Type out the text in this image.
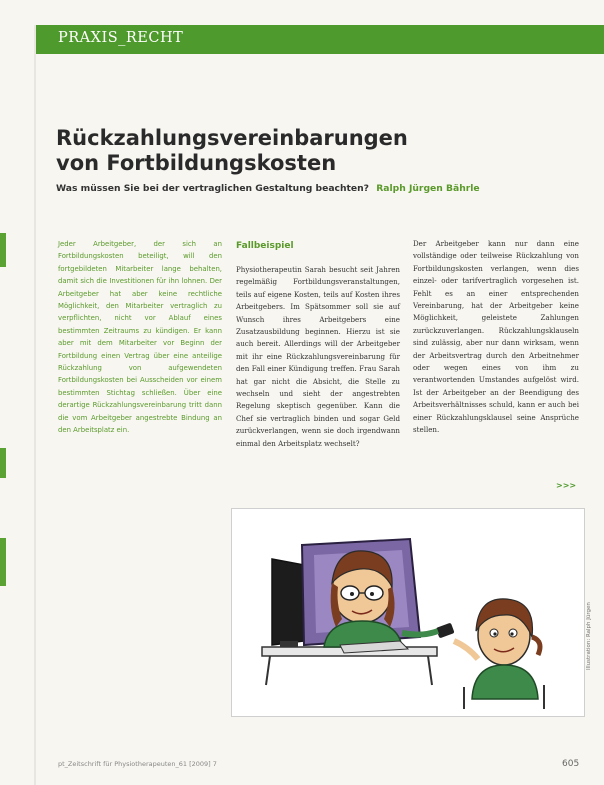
PRAXIS_RECHT
Rückzahlungsvereinbarungen
von Fortbildungskosten
Was müssen Sie bei der vertraglichen Gestaltung beachten? Ralph Jürgen Bährle
Jeder Arbeitgeber, der sich an Fortbildungskosten beteiligt, will den fortgebildeten Mitarbeiter lange behalten, damit sich die Investitionen für ihn lohnen. Der Arbeitgeber hat aber keine rechtliche Möglichkeit, den Mitarbeiter vertraglich zu verpflichten, nicht vor Ablauf eines bestimmten Zeitraums zu kündigen. Er kann aber mit dem Mitarbeiter vor Beginn der Fortbildung einen Vertrag über eine anteilige Rückzahlung von aufgewendeten Fortbildungskosten bei Ausscheiden vor einem bestimmten Stichtag schließen. Über eine derartige Rückzahlungsvereinbarung tritt dann die vom Arbeitgeber angestrebte Bindung an den Arbeitsplatz ein.
Fallbeispiel
Physiotherapeutin Sarah besucht seit Jahren regelmäßig Fortbildungsveranstaltungen, teils auf eigene Kosten, teils auf Kosten ihres Arbeitgebers. Im Spätsommer soll sie auf Wunsch ihres Arbeitgebers eine Zusatzausbildung beginnen. Hierzu ist sie auch bereit. Allerdings will der Arbeitgeber mit ihr eine Rückzahlungsvereinbarung für den Fall einer Kündigung treffen. Frau Sarah hat gar nicht die Absicht, die Stelle zu wechseln und sieht der angestrebten Regelung skeptisch gegenüber. Kann die Chef sie vertraglich binden und sogar Geld zurückverlangen, wenn sie doch irgendwann einmal den Arbeitsplatz wechselt?
Der Arbeitgeber kann nur dann eine vollständige oder teilweise Rückzahlung von Fortbildungskosten verlangen, wenn dies einzel- oder tarifvertraglich vorgesehen ist. Fehlt es an einer entsprechenden Vereinbarung, hat der Arbeitgeber keine Möglichkeit, geleistete Zahlungen zurückzuverlangen. Rückzahlungsklauseln sind zulässig, aber nur dann wirksam, wenn der Arbeitsvertrag durch den Arbeitnehmer oder wegen eines von ihm zu verantwortenden Umstandes aufgelöst wird. Ist der Arbeitgeber an der Beendigung des Arbeitsverhältnisses schuld, kann er auch bei einer Rückzahlungsklausel seine Ansprüche stellen.
>>>
Illustration: Ralph Jürgen
pt_Zeitschrift für Physiotherapeuten_61 [2009] 7	605
